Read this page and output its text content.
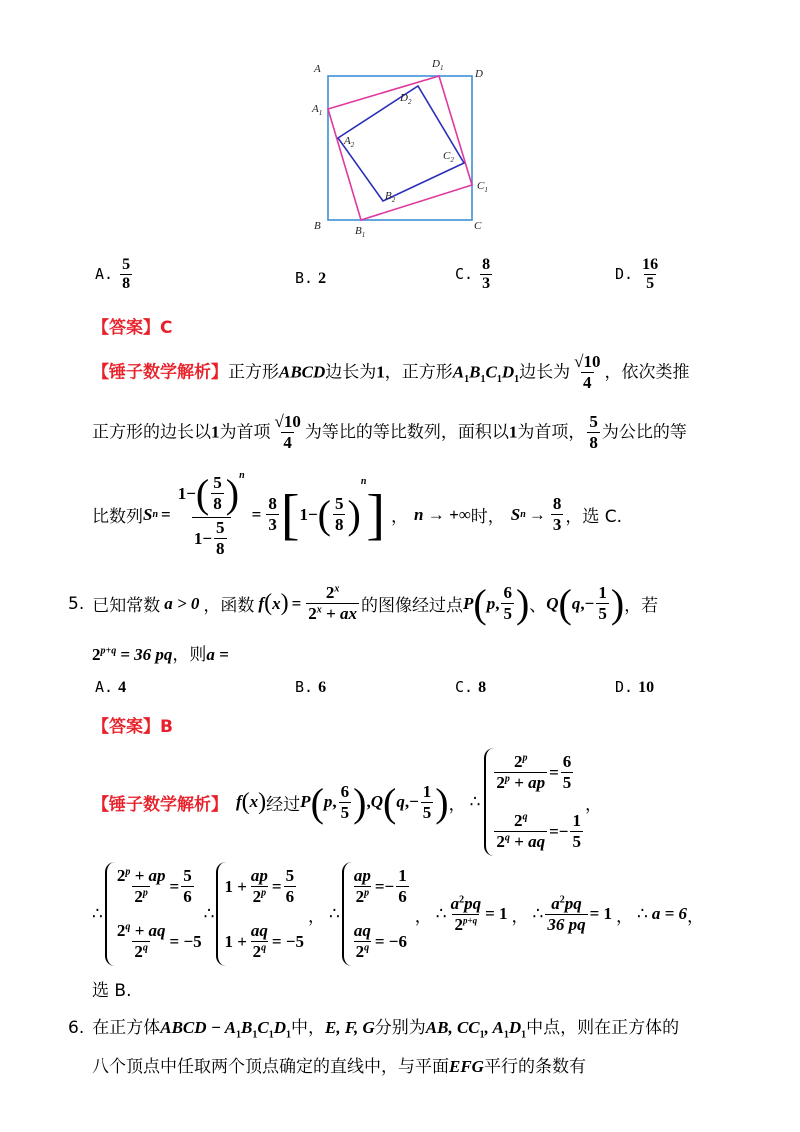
A	$D_1$	D
$A_1$
$D_2$
$A_2$
$C_2$
$C_1$
$B_2$
B	$B_1$
C
A. $\frac{5}{8}$	B. 2	C. $\frac{8}{3}$	D. $\frac{16}{5}$
【答案】C
【锤子数学解析】正方形ABCD边长为1，正方形$A_1B_1C_1D_1$边长为 $\frac{√10}{4}$ ，依次类推
正方形的边长以1为首项 $\frac{√10}{4}$ 为等比的等比数列，面积以1为首项， $\frac{5}{8}$ 为公比的等
比数列 S $n = \frac{1 - ( \frac{5}{8} )^n}{1 - \frac{5}{8}} = \frac{8}{3}$ [ 1 − ( $\frac{5}{8}$ )
n
] ， n → +∞ 时， S $n \to \frac{8}{3}$ ，选 C.
5. 已知常数 a > 0 ，函数 f ( x ) = $\frac{2^x}{2^x + ax}$ 的图像经过点 P ( p , $\frac{6}{5}$ ) 、 Q ( q , − $\frac{1}{5}$ ) ，若
$2^{p+q} = 36$ pq，则a =
A. 4	B. 6	C. 8	D. 10
【答案】B
【锤子数学解析】 f ( x ) 经过 P ( p , $\frac{6}{5}$ ) , Q ( q , − $\frac{1}{5}$ ) ， ∴
$\frac{2^p}{2^p + ap} = \frac{6}{5}$
$\frac{2^q}{2^q + aq}$ = − $\frac{1}{5}$
，
∴
$\frac{2^p + ap}{2^p} = \frac{5}{6}$
$\frac{2^q + aq}{2^q} = -5$
∴
$1 + \frac{ap}{2^p} = \frac{5}{6}$
$1 + \frac{aq}{2^q} = -5$
， ∴
$\frac{ap}{2^p}$ = − $\frac{1}{6}$
$\frac{aq}{2^q} = -6$
， ∴ $\frac{a^2pq}{2^{p+q}} = 1$ ， ∴ $\frac{a^2pq}{36 pq} = 1$ ， ∴ a = 6 ，
选 B.
6. 在正方体ABCD − $A_1B_1C_1D_1$中，E, F, G分别为AB, $CC_1$, $A_1D_1$中点，则在正方体的
八个顶点中任取两个顶点确定的直线中，与平面EFG平行的条数有
